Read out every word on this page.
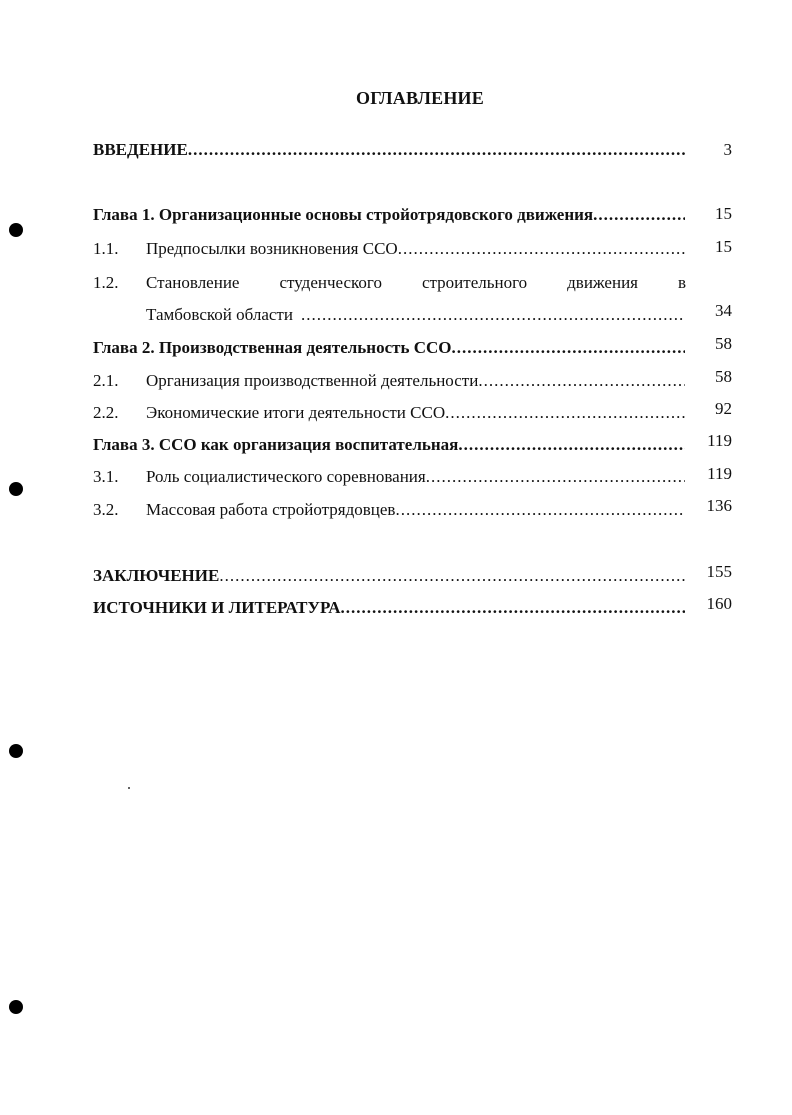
ОГЛАВЛЕНИЕ
ВВЕДЕНИЕ .....	3
Глава 1. Организационные основы стройотрядовского движения .....	15
1.1.	Предпосылки возникновения ССО .....	15
1.2.	Становление студенческого строительного движения в
Тамбовской области .....	34
Глава 2. Производственная деятельность ССО .....	58
2.1.	Организация производственной деятельности .....	58
2.2.	Экономические итоги деятельности ССО .....	92
Глава 3. ССО как организация воспитательная .....	119
3.1.	Роль социалистического соревнования .....	119
3.2.	Массовая работа стройотрядовцев .....	136
ЗАКЛЮЧЕНИЕ .....	155
ИСТОЧНИКИ И ЛИТЕРАТУРА .....	160
